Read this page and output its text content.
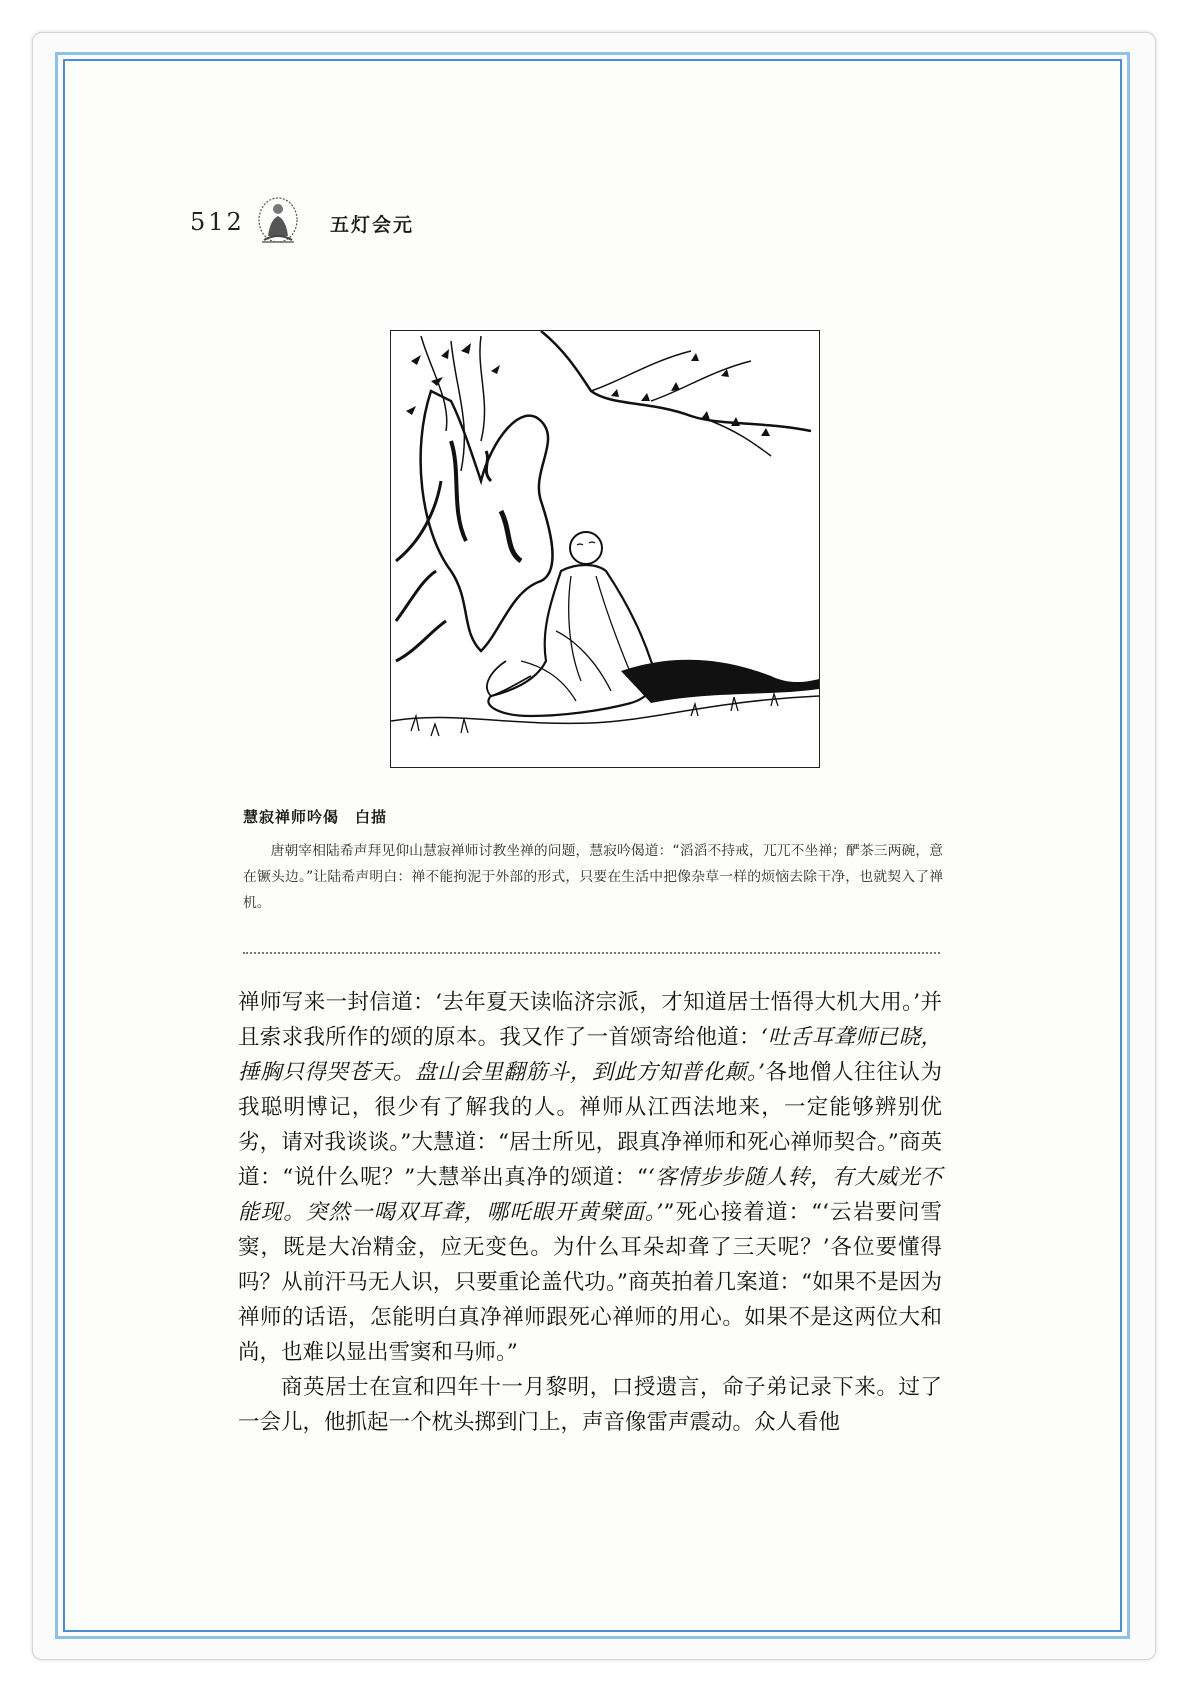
512	五灯会元
慧寂禅师吟偈　白描
唐朝宰相陆希声拜见仰山慧寂禅师讨教坐禅的问题，慧寂吟偈道：“滔滔不持戒，兀兀不坐禅；酽茶三两碗，意在镢头边。”让陆希声明白：禅不能拘泥于外部的形式，只要在生活中把像杂草一样的烦恼去除干净，也就契入了禅机。

禅师写来一封信道：‘去年夏天读临济宗派，才知道居士悟得大机大用。’并且索求我所作的颂的原本。我又作了一首颂寄给他道：‘吐舌耳聋师已晓，捶胸只得哭苍天。盘山会里翻筋斗，到此方知普化颠。’各地僧人往往认为我聪明博记，很少有了解我的人。禅师从江西法地来，一定能够辨别优劣，请对我谈谈。”大慧道：“居士所见，跟真净禅师和死心禅师契合。”商英道：“说什么呢？”大慧举出真净的颂道：“‘客情步步随人转，有大威光不能现。突然一喝双耳聋，哪吒眼开黄檗面。’”死心接着道：“‘云岩要问雪窦，既是大冶精金，应无变色。为什么耳朵却聋了三天呢？’各位要懂得吗？从前汗马无人识，只要重论盖代功。”商英拍着几案道：“如果不是因为禅师的话语，怎能明白真净禅师跟死心禅师的用心。如果不是这两位大和尚，也难以显出雪窦和马师。”

商英居士在宣和四年十一月黎明，口授遗言，命子弟记录下来。过了一会儿，他抓起一个枕头掷到门上，声音像雷声震动。众人看他
